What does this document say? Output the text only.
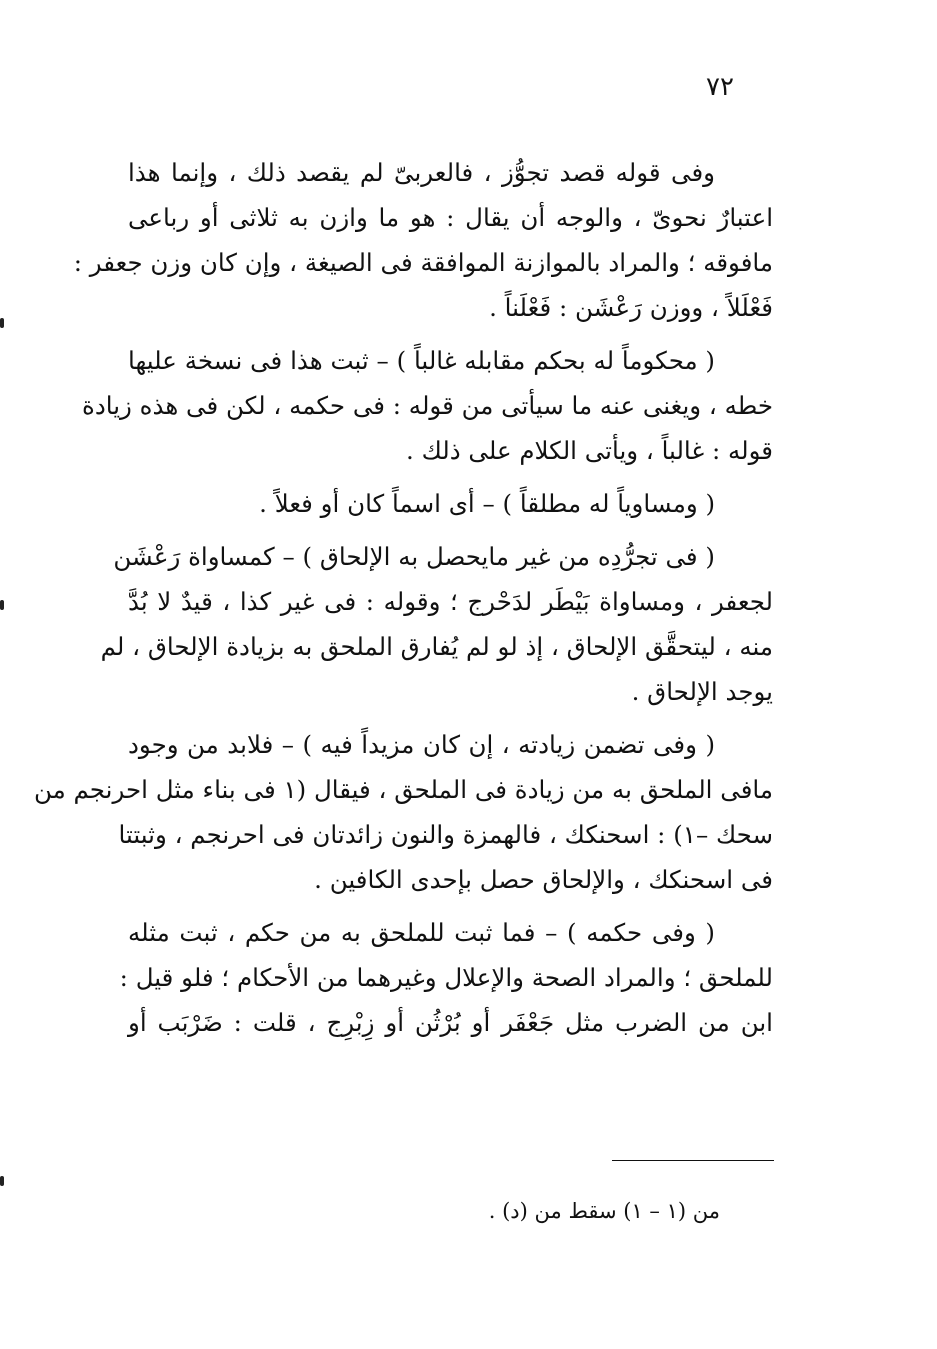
٧٢

وفى قوله قصد تجوُّز ، فالعربىّ لم يقصد ذلك ، وإنما هذا
اعتبارٌ نحوىّ ، والوجه أن يقال : هو ما وازن به ثلاثى أو رباعى
مافوقه ؛ والمراد بالموازنة الموافقة فى الصيغة ، وإن كان وزن جعفر :
فَعْلَلاً ، ووزن رَعْشَن : فَعْلَناً .

( محكوماً له بحكم مقابله غالباً ) – ثبت هذا فى نسخة عليها
خطه ، ويغنى عنه ما سيأتى من قوله : فى حكمه ، لكن فى هذه زيادة
قوله : غالباً ، ويأتى الكلام على ذلك .

( ومساوياً له مطلقاً ) – أى اسماً كان أو فعلاً .

( فى تجرُّدِه من غير مايحصل به الإلحاق ) – كمساواة رَعْشَن
لجعفر ، ومساواة بَيْطَر لدَحْرج ؛ وقوله : فى غير كذا ، قيدٌ لا بُدَّ
منه ، ليتحقَّق الإلحاق ، إذ لو لم يُفارق الملحق به بزيادة الإلحاق ، لم
يوجد الإلحاق .

( وفى تضمن زيادته ، إن كان مزيداً فيه ) – فلابد من وجود
مافى الملحق به من زيادة فى الملحق ، فيقال (١ فى بناء مثل احرنجم من
سحك –١) : اسحنكك ، فالهمزة والنون زائدتان فى احرنجم ، وثبتتا
فى اسحنكك ، والإلحاق حصل بإحدى الكافين .

( وفى حكمه ) – فما ثبت للملحق به من حكم ، ثبت مثله
للملحق ؛ والمراد الصحة والإعلال وغيرهما من الأحكام ؛ فلو قيل :
ابن من الضرب مثل جَعْفَر أو بُرْثُن أو زِبْرِج ، قلت : ضَرْبَب أو

من (١ – ١) سقط من (د) .
